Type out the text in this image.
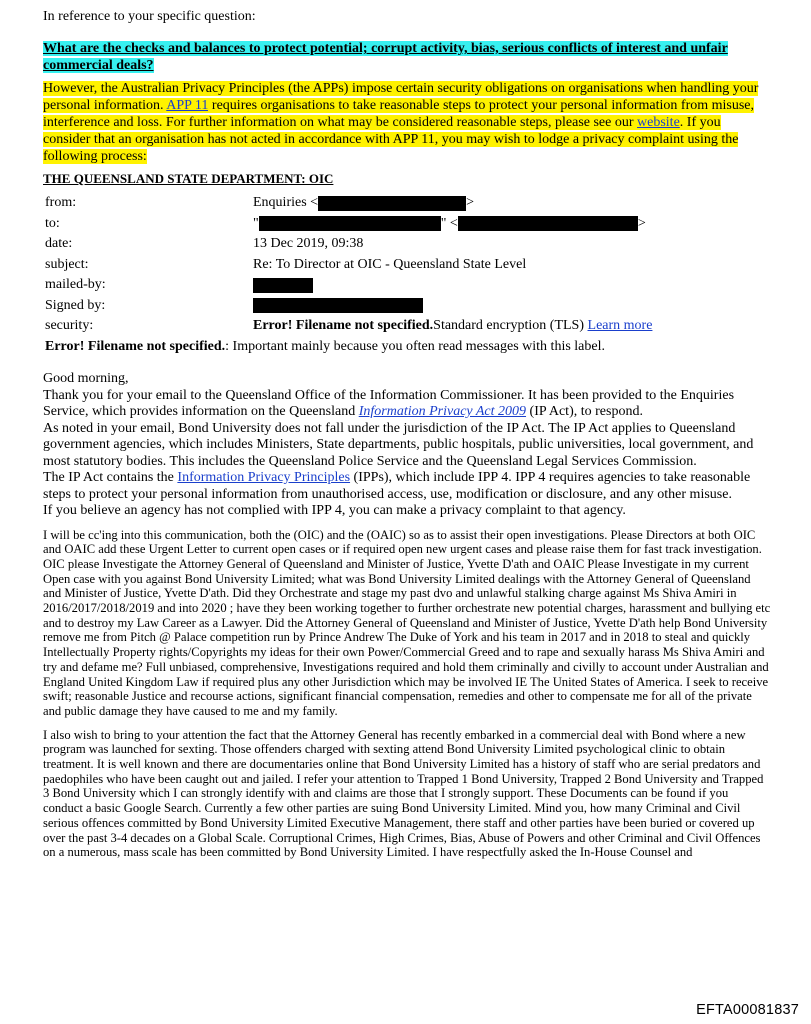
In reference to your specific question:

What are the checks and balances to protect potential; corrupt activity, bias, serious conflicts of interest and unfair commercial deals?

However, the Australian Privacy Principles (the APPs) impose certain security obligations on organisations when handling your personal information. APP 11 requires organisations to take reasonable steps to protect your personal information from misuse, interference and loss. For further information on what may be considered reasonable steps, please see our website. If you consider that an organisation has not acted in accordance with APP 11, you may wish to lodge a privacy complaint using the following process:

THE QUEENSLAND STATE DEPARTMENT: OIC

from:	Enquiries < >
to:	" " < >
date:	13 Dec 2019, 09:38
subject:	Re: To Director at OIC - Queensland State Level
mailed-by:	
Signed by:	
security:	Error! Filename not specified.Standard encryption (TLS) Learn more
Error! Filename not specified.: Important mainly because you often read messages with this label.	

Good morning,

Thank you for your email to the Queensland Office of the Information Commissioner. It has been provided to the Enquiries Service, which provides information on the Queensland Information Privacy Act 2009 (IP Act), to respond.

As noted in your email, Bond University does not fall under the jurisdiction of the IP Act. The IP Act applies to Queensland government agencies, which includes Ministers, State departments, public hospitals, public universities, local government, and most statutory bodies. This includes the Queensland Police Service and the Queensland Legal Services Commission.

The IP Act contains the Information Privacy Principles (IPPs), which include IPP 4. IPP 4 requires agencies to take reasonable steps to protect your personal information from unauthorised access, use, modification or disclosure, and any other misuse.

If you believe an agency has not complied with IPP 4, you can make a privacy complaint to that agency.

I will be cc'ing into this communication, both the (OIC) and the (OAIC) so as to assist their open investigations. Please Directors at both OIC and OAIC add these Urgent Letter to current open cases or if required open new urgent cases and please raise them for fast track investigation. OIC please Investigate the Attorney General of Queensland and Minister of Justice, Yvette D'ath and OAIC Please Investigate in my current Open case with you against Bond University Limited; what was Bond University Limited dealings with the Attorney General of Queensland and Minister of Justice, Yvette D'ath. Did they Orchestrate and stage my past dvo and unlawful stalking charge against Ms Shiva Amiri in 2016/2017/2018/2019 and into 2020 ; have they been working together to further orchestrate new potential charges, harassment and bullying etc and to destroy my Law Career as a Lawyer. Did the Attorney General of Queensland and Minister of Justice, Yvette D'ath help Bond University remove me from Pitch @ Palace competition run by Prince Andrew The Duke of York and his team in 2017 and in 2018 to steal and quickly Intellectually Property rights/Copyrights my ideas for their own Power/Commercial Greed and to rape and sexually harass Ms Shiva Amiri and try and defame me? Full unbiased, comprehensive, Investigations required and hold them criminally and civilly to account under Australian and England United Kingdom Law if required plus any other Jurisdiction which may be involved IE The United States of America. I seek to receive swift; reasonable Justice and recourse actions, significant financial compensation, remedies and other to compensate me for all of the private and public damage they have caused to me and my family.

I also wish to bring to your attention the fact that the Attorney General has recently embarked in a commercial deal with Bond where a new program was launched for sexting. Those offenders charged with sexting attend Bond University Limited psychological clinic to obtain treatment. It is well known and there are documentaries online that Bond University Limited has a history of staff who are serial predators and paedophiles who have been caught out and jailed. I refer your attention to Trapped 1 Bond University, Trapped 2 Bond University and Trapped 3 Bond University which I can strongly identify with and claims are those that I strongly support. These Documents can be found if you conduct a basic Google Search. Currently a few other parties are suing Bond University Limited. Mind you, how many Criminal and Civil serious offences committed by Bond University Limited Executive Management, there staff and other parties have been buried or covered up over the past 3-4 decades on a Global Scale. Corruptional Crimes, High Crimes, Bias, Abuse of Powers and other Criminal and Civil Offences on a numerous, mass scale has been committed by Bond University Limited. I have respectfully asked the In-House Counsel and

EFTA00081837
